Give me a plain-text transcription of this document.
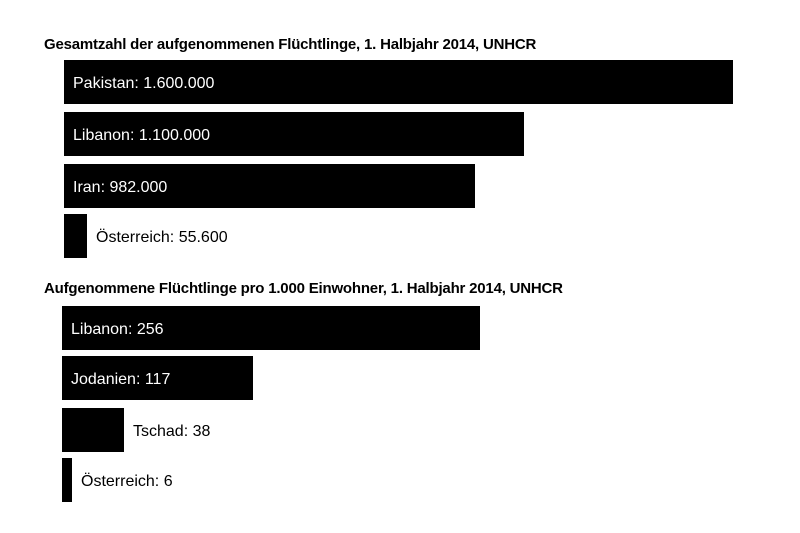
Gesamtzahl der aufgenommenen Flüchtlinge, 1. Halbjahr 2014, UNHCR
Aufgenommene Flüchtlinge pro 1.000 Einwohner, 1. Halbjahr 2014, UNHCR
Pakistan: 1.600.000
Libanon: 1.100.000
Iran: 982.000
Österreich: 55.600
Libanon: 256
Jodanien: 117
Tschad: 38
Österreich: 6
